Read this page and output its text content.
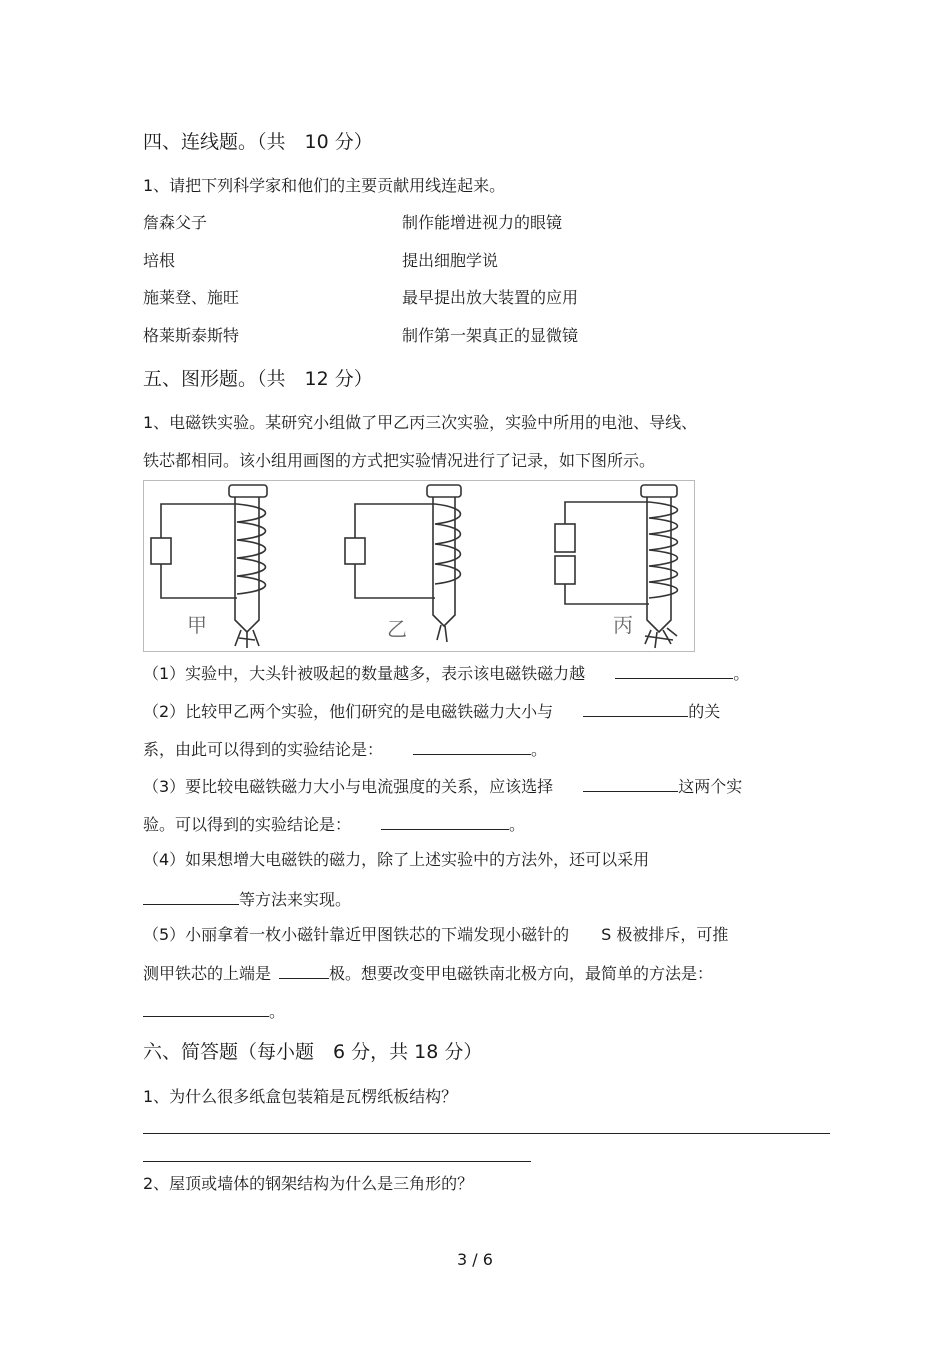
四、连线题。（共　10 分）
1、请把下列科学家和他们的主要贡献用线连起来。
詹森父子	制作能增进视力的眼镜
培根	提出细胞学说
施莱登、施旺	最早提出放大装置的应用
格莱斯泰斯特	制作第一架真正的显微镜
五、图形题。（共　12 分）
1、电磁铁实验。某研究小组做了甲乙丙三次实验，实验中所用的电池、导线、
铁芯都相同。该小组用画图的方式把实验情况进行了记录，如下图所示。
甲	乙	丙
（1）实验中，大头针被吸起的数量越多，表示该电磁铁磁力越	。
（2）比较甲乙两个实验，他们研究的是电磁铁磁力大小与	的关
系，由此可以得到的实验结论是：	。
（3）要比较电磁铁磁力大小与电流强度的关系，应该选择	这两个实
验。可以得到的实验结论是：	。
（4）如果想增大电磁铁的磁力，除了上述实验中的方法外，还可以采用
等方法来实现。
（5）小丽拿着一枚小磁针靠近甲图铁芯的下端发现小磁针的　　S 极被排斥，可推
测甲铁芯的上端是	极。想要改变甲电磁铁南北极方向，最简单的方法是：
。
六、简答题（每小题　6 分，共 18 分）
1、为什么很多纸盒包装箱是瓦楞纸板结构？
2、屋顶或墙体的钢架结构为什么是三角形的？
3 / 6
